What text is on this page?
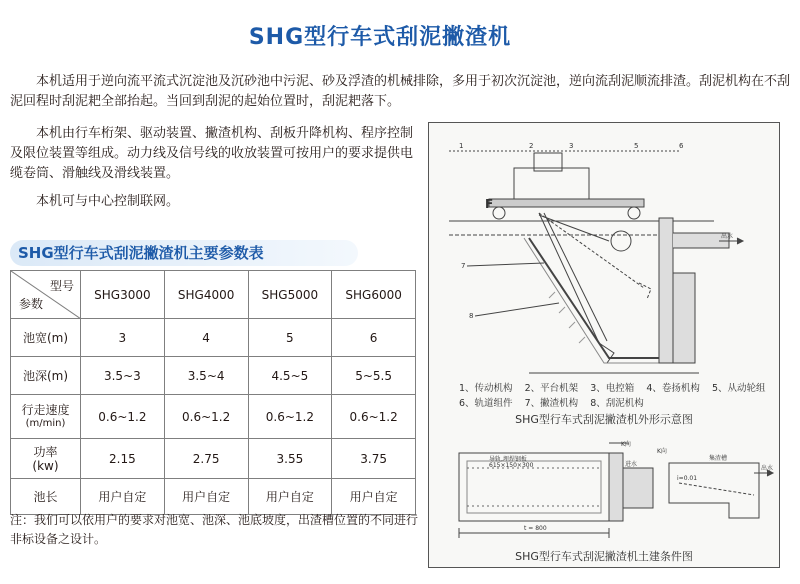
SHG型行车式刮泥撇渣机

本机适用于逆向流平流式沉淀池及沉砂池中污泥、砂及浮渣的机械排除，多用于初次沉淀池，逆向流刮泥顺流排渣。刮泥机构在不刮泥回程时刮泥耙全部抬起。当回到刮泥的起始位置时，刮泥耙落下。

本机由行车桁架、驱动装置、撇渣机构、刮板升降机构、程序控制及限位装置等组成。动力线及信号线的收放装置可按用户的要求提供电缆卷筒、滑触线及滑线装置。

本机可与中心控制联网。

SHG型行车式刮泥撇渣机主要参数表
型号
参数	SHG3000	SHG4000	SHG5000	SHG6000
池宽(m)	3	4	5	6
池深(m)	3.5~3	3.5~4	4.5~5	5~5.5

行走速度
(m/min)	0.6~1.2	0.6~1.2	0.6~1.2	0.6~1.2

功率
(kw)	2.15	2.75	3.55	3.75
池长	用户自定	用户自定	用户自定	用户自定

注：我们可以依用户的要求对池宽、池深、池底坡度，出渣槽位置的不同进行非标设备之设计。

1	2	3	5	6
F
7
8
1、传动机构    2、平台机架    3、电控箱    4、卷扬机构    5、从动轮组
6、轨道组件    7、撇渣机构    8、刮泥机构
SHG型行车式刮泥撇渣机外形示意图
SHG型行车式刮泥撇渣机土建条件图
出水
K向
K向
出水
进水
集渣槽
导轨,埋焊钢板
615×150×300
i=0.01
t = 800
